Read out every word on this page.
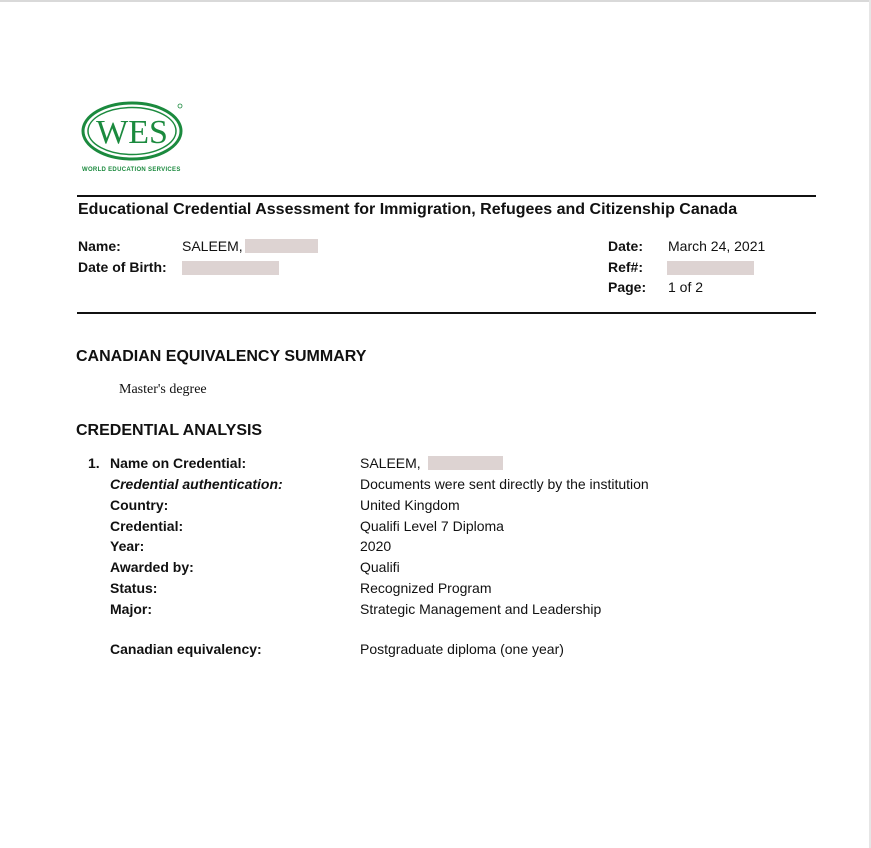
WES
WORLD EDUCATION SERVICES
Educational Credential Assessment for Immigration, Refugees and Citizenship Canada
Name:	SALEEM,
Date of Birth:
Date: March 24, 2021
Ref#:
Page: 1 of 2
CANADIAN EQUIVALENCY SUMMARY
Master's degree
CREDENTIAL ANALYSIS
1. Name on Credential:	SALEEM,
Credential authentication:	Documents were sent directly by the institution
Country:	United Kingdom
Credential:	Qualifi Level 7 Diploma
Year:	2020
Awarded by:	Qualifi
Status:	Recognized Program
Major:	Strategic Management and Leadership
Canadian equivalency:	Postgraduate diploma (one year)
